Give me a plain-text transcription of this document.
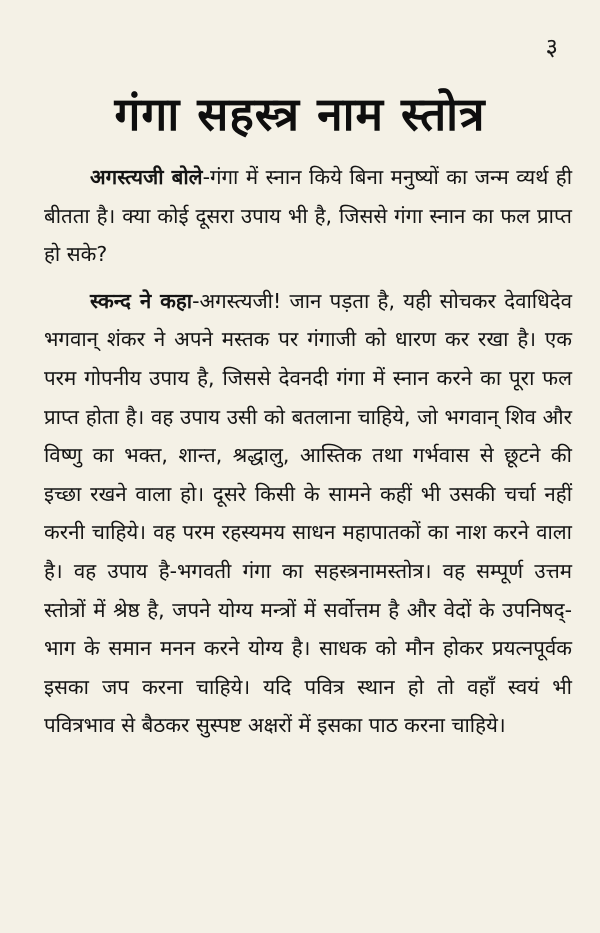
३
गंगा सहस्त्र नाम स्तोत्र

अगस्त्यजी बोले-गंगा में स्नान किये बिना मनुष्यों का जन्म व्यर्थ ही बीतता है। क्या कोई दूसरा उपाय भी है, जिससे गंगा स्नान का फल प्राप्त हो सके?

स्कन्द ने कहा-अगस्त्यजी! जान पड़ता है, यही सोचकर देवाधिदेव भगवान् शंकर ने अपने मस्तक पर गंगाजी को धारण कर रखा है। एक परम गोपनीय उपाय है, जिससे देवनदी गंगा में स्नान करने का पूरा फल प्राप्त होता है। वह उपाय उसी को बतलाना चाहिये, जो भगवान् शिव और विष्णु का भक्त, शान्त, श्रद्धालु, आस्तिक तथा गर्भवास से छूटने की इच्छा रखने वाला हो। दूसरे किसी के सामने कहीं भी उसकी चर्चा नहीं करनी चाहिये। वह परम रहस्यमय साधन महापातकों का नाश करने वाला है। वह उपाय है-भगवती गंगा का सहस्त्रनामस्तोत्र। वह सम्पूर्ण उत्तम स्तोत्रों में श्रेष्ठ है, जपने योग्य मन्त्रों में सर्वोत्तम है और वेदों के उपनिषद्-भाग के समान मनन करने योग्य है। साधक को मौन होकर प्रयत्नपूर्वक इसका जप करना चाहिये। यदि पवित्र स्थान हो तो वहाँ स्वयं भी पवित्रभाव से बैठकर सुस्पष्ट अक्षरों में इसका पाठ करना चाहिये।
